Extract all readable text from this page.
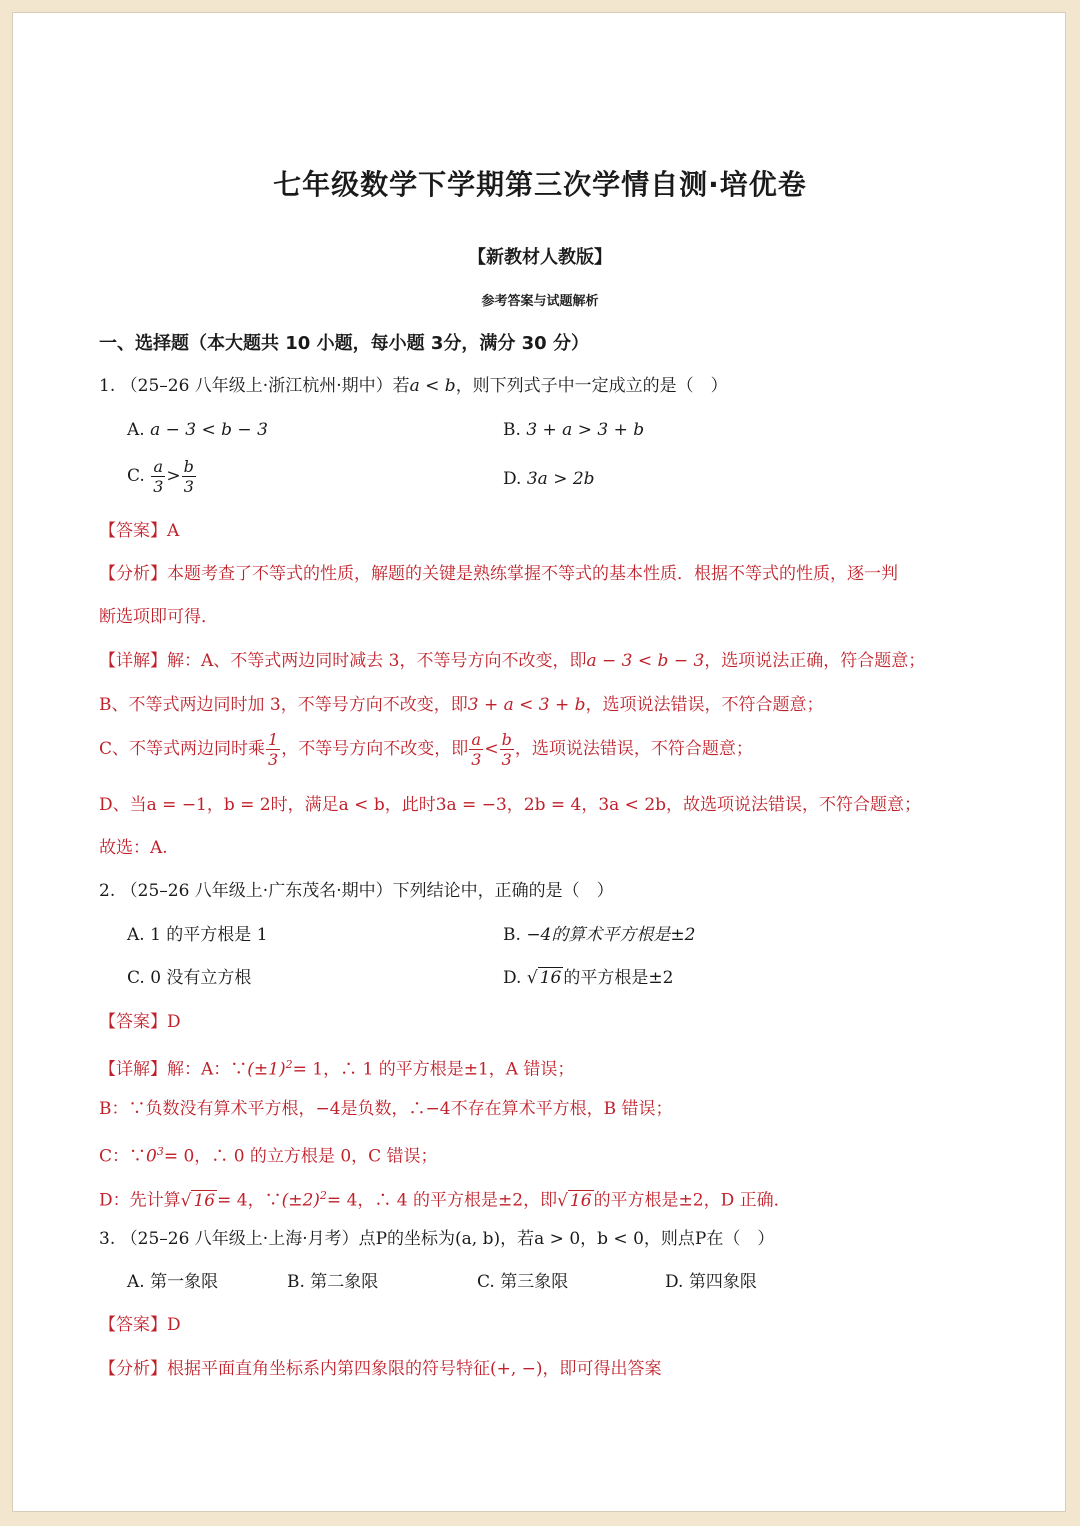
七年级数学下学期第三次学情自测·培优卷
【新教材人教版】
参考答案与试题解析
一、选择题（本大题共 10 小题，每小题 3分，满分 30 分）
1. （25–26 八年级上·浙江杭州·期中）若a < b，则下列式子中一定成立的是（　）
A. a − 3 < b − 3	B. 3 + a > 3 + b
C. $\frac{a}{3} > \frac{b}{3}$	D. 3a > 2b
【答案】A
【分析】本题考查了不等式的性质，解题的关键是熟练掌握不等式的基本性质．根据不等式的性质，逐一判
断选项即可得．
【详解】解：A、不等式两边同时减去 3，不等号方向不改变，即a − 3 < b − 3，选项说法正确，符合题意；
B、不等式两边同时加 3，不等号方向不改变，即3 + a < 3 + b，选项说法错误，不符合题意；
C、不等式两边同时乘 $\frac{1}{3}$ ，不等号方向不改变，即 $\frac{a}{3} < \frac{b}{3}$ ，选项说法错误，不符合题意；
D、当a = −1，b = 2时，满足a < b，此时3a = −3，2b = 4，3a < 2b，故选项说法错误，不符合题意；
故选：A.
2. （25–26 八年级上·广东茂名·期中）下列结论中，正确的是（　）
A. 1 的平方根是 1	B. −4的算术平方根是±2
C. 0 没有立方根	D. √ 16 的平方根是±2
【答案】D
【详解】解：A：$\because(\pm 1)^2= 1$，∴ 1 的平方根是±1，A 错误；
B：∵负数没有算术平方根，−4是负数，∴−4不存在算术平方根，B 错误；
C：$\because 0^3= 0$，∴ 0 的立方根是 0，C 错误；
D：先计算√ 16 = 4，$\because(\pm 2)^2= 4$，∴ 4 的平方根是±2，即√ 16 的平方根是±2，D 正确．
3. （25–26 八年级上·上海·月考）点P的坐标为(a, b)，若a > 0，b < 0，则点P在（　）
A. 第一象限	B. 第二象限	C. 第三象限	D. 第四象限
【答案】D
【分析】根据平面直角坐标系内第四象限的符号特征(+, −)，即可得出答案
